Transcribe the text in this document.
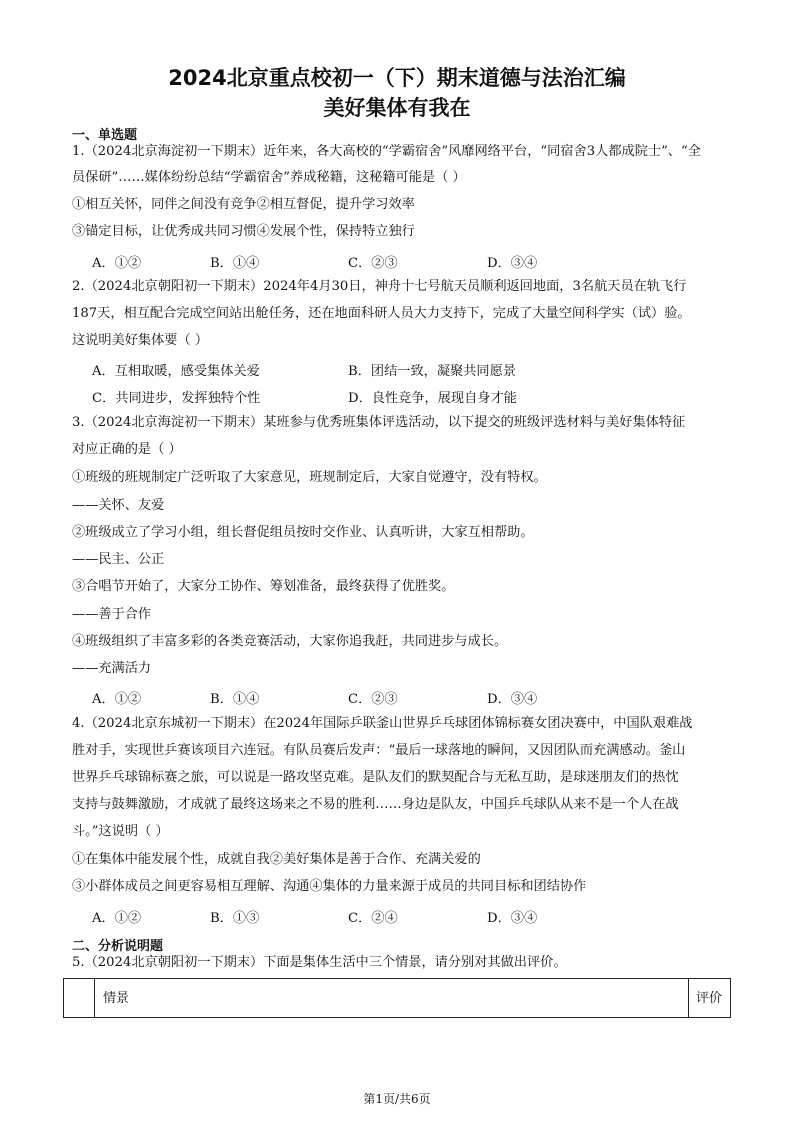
2024北京重点校初一（下）期末道德与法治汇编
美好集体有我在
一、单选题
1.（2024北京海淀初一下期末）近年来，各大高校的“学霸宿舍”风靡网络平台，“同宿舍3人都成院士”、“全
员保研”……媒体纷纷总结“学霸宿舍”养成秘籍，这秘籍可能是（ ）
①相互关怀，同伴之间没有竞争②相互督促，提升学习效率
③锚定目标，让优秀成共同习惯④发展个性，保持特立独行
A．①②	B．①④	C．②③	D．③④
2.（2024北京朝阳初一下期末）2024年4月30日，神舟十七号航天员顺利返回地面，3名航天员在轨飞行
187天，相互配合完成空间站出舱任务，还在地面科研人员大力支持下，完成了大量空间科学实（试）验。
这说明美好集体要（ ）
A．互相取暖，感受集体关爱	B．团结一致，凝聚共同愿景
C．共同进步，发挥独特个性	D．良性竞争，展现自身才能
3.（2024北京海淀初一下期末）某班参与优秀班集体评选活动，以下提交的班级评选材料与美好集体特征
对应正确的是（ ）
①班级的班规制定广泛听取了大家意见，班规制定后，大家自觉遵守，没有特权。
——关怀、友爱
②班级成立了学习小组，组长督促组员按时交作业、认真听讲，大家互相帮助。
——民主、公正
③合唱节开始了，大家分工协作、筹划准备，最终获得了优胜奖。
——善于合作
④班级组织了丰富多彩的各类竞赛活动，大家你追我赶，共同进步与成长。
——充满活力
A．①②	B．①④	C．②③	D．③④
4.（2024北京东城初一下期末）在2024年国际乒联釜山世界乒乓球团体锦标赛女团决赛中，中国队艰难战
胜对手，实现世乒赛该项目六连冠。有队员赛后发声：“最后一球落地的瞬间，又因团队而充满感动。釜山
世界乒乓球锦标赛之旅，可以说是一路攻坚克难。是队友们的默契配合与无私互助，是球迷朋友们的热忱
支持与鼓舞激励，才成就了最终这场来之不易的胜利……身边是队友，中国乒乓球队从来不是一个人在战
斗。”这说明（ ）
①在集体中能发展个性，成就自我②美好集体是善于合作、充满关爱的
③小群体成员之间更容易相互理解、沟通④集体的力量来源于成员的共同目标和团结协作
A．①②	B．①③	C．②④	D．③④
二、分析说明题
5.（2024北京朝阳初一下期末）下面是集体生活中三个情景，请分别对其做出评价。
情景	评价
第1页/共6页
